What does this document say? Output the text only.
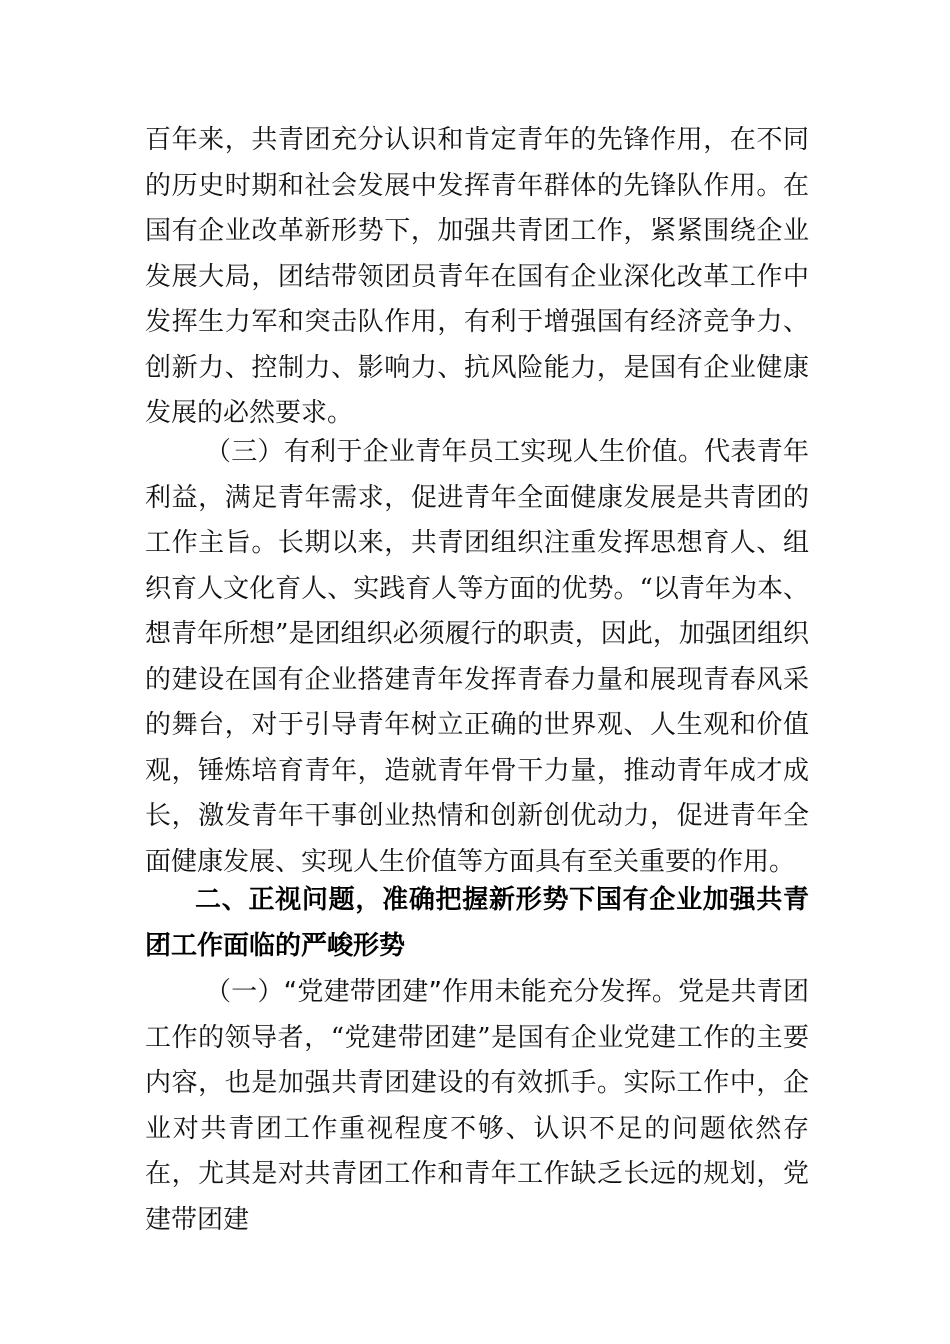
百年来，共青团充分认识和肯定青年的先锋作用，在不同的历史时期和社会发展中发挥青年群体的先锋队作用。在国有企业改革新形势下，加强共青团工作，紧紧围绕企业发展大局，团结带领团员青年在国有企业深化改革工作中发挥生力军和突击队作用，有利于增强国有经济竞争力、创新力、控制力、影响力、抗风险能力，是国有企业健康发展的必然要求。

（三）有利于企业青年员工实现人生价值。代表青年利益，满足青年需求，促进青年全面健康发展是共青团的工作主旨。长期以来，共青团组织注重发挥思想育人、组织育人文化育人、实践育人等方面的优势。“以青年为本、想青年所想”是团组织必须履行的职责，因此，加强团组织的建设在国有企业搭建青年发挥青春力量和展现青春风采的舞台，对于引导青年树立正确的世界观、人生观和价值观，锤炼培育青年，造就青年骨干力量，推动青年成才成长，激发青年干事创业热情和创新创优动力，促进青年全面健康发展、实现人生价值等方面具有至关重要的作用。

二、正视问题，准确把握新形势下国有企业加强共青团工作面临的严峻形势

（一）“党建带团建”作用未能充分发挥。党是共青团工作的领导者，“党建带团建”是国有企业党建工作的主要内容，也是加强共青团建设的有效抓手。实际工作中，企业对共青团工作重视程度不够、认识不足的问题依然存在，尤其是对共青团工作和青年工作缺乏长远的规划，党建带团建
